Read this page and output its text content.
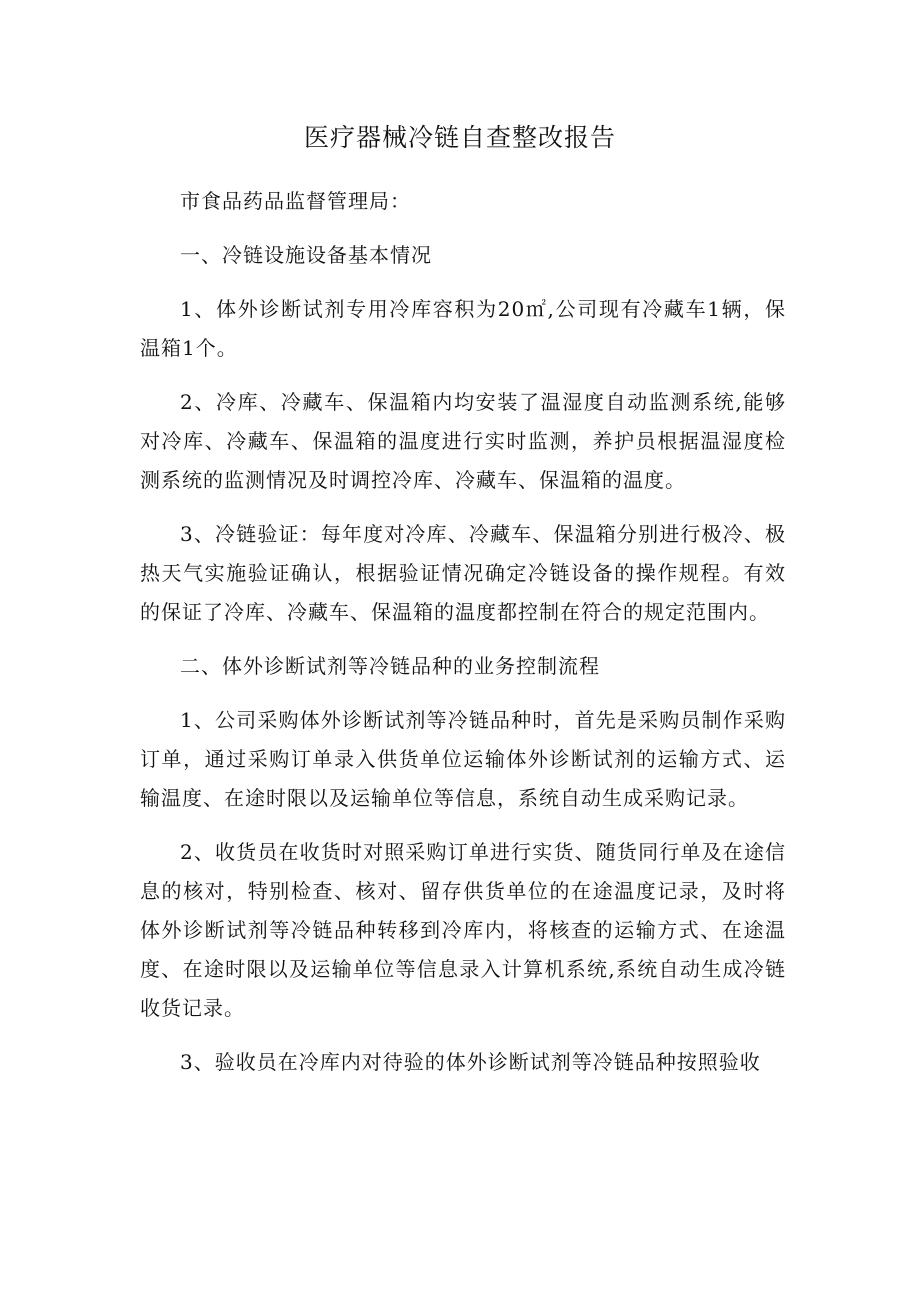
医疗器械冷链自查整改报告

市食品药品监督管理局：

一、冷链设施设备基本情况

1、体外诊断试剂专用冷库容积为20㎡,公司现有冷藏车1辆，保温箱1个。

2、冷库、冷藏车、保温箱内均安装了温湿度自动监测系统,能够对冷库、冷藏车、保温箱的温度进行实时监测，养护员根据温湿度检测系统的监测情况及时调控冷库、冷藏车、保温箱的温度。

3、冷链验证：每年度对冷库、冷藏车、保温箱分别进行极冷、极热天气实施验证确认，根据验证情况确定冷链设备的操作规程。有效的保证了冷库、冷藏车、保温箱的温度都控制在符合的规定范围内。

二、体外诊断试剂等冷链品种的业务控制流程

1、公司采购体外诊断试剂等冷链品种时，首先是采购员制作采购订单，通过采购订单录入供货单位运输体外诊断试剂的运输方式、运输温度、在途时限以及运输单位等信息，系统自动生成采购记录。

2、收货员在收货时对照采购订单进行实货、随货同行单及在途信息的核对，特别检查、核对、留存供货单位的在途温度记录，及时将体外诊断试剂等冷链品种转移到冷库内，将核查的运输方式、在途温度、在途时限以及运输单位等信息录入计算机系统,系统自动生成冷链收货记录。

3、验收员在冷库内对待验的体外诊断试剂等冷链品种按照验收
